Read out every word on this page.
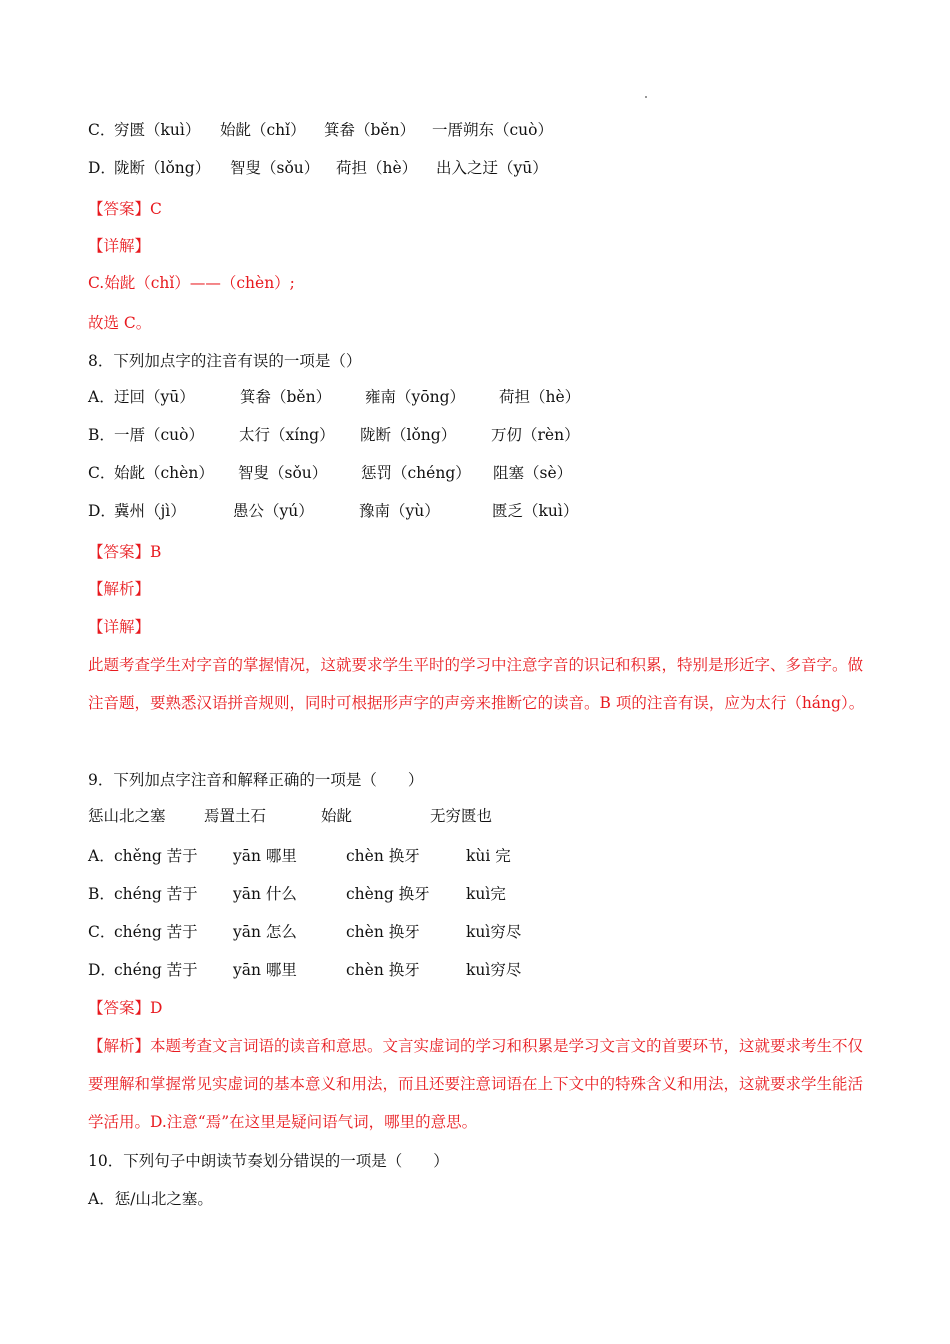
C．
穷匮（kuì） 始龀（chǐ） 箕畚（běn） 一厝朔东（cuò）
D．
陇断（lǒng） 智叟（sǒu） 荷担（hè） 出入之迂（yū）
【答案】C
【详解】
C.始龀（chǐ）——（chèn）;
故选 C。
8．下列加点字的注音有误的一项是（）
A． 迂回（yū）	箕畚（běn） 雍南（yōng） 荷担（hè）
B． 一厝（cuò） 太行（xíng） 陇断（lǒng） 万仞（rèn）
C．
始龀（chèn） 智叟（sǒu） 惩罚（chéng） 阻塞（sè）
D．
冀州（jì）	愚公（yú）	豫南（yù）	匮乏（kuì）
【答案】B
【解析】
【详解】
此题考查学生对字音的掌握情况，这就要求学生平时的学习中注意字音的识记和积累，特别是形近字、多音字。做注音题，要熟悉汉语拼音规则，同时可根据形声字的声旁来推断它的读音。B 项的注音有误，应为太行（háng）。
9．下列加点字注音和解释正确的一项是（　　）
惩山北之塞 焉置土石	始龀	无穷匮也
A． chěng 苦于 yān 哪里	chèn 换牙	kùi 完
B． chéng 苦于 yān 什么	chèng 换牙 kuì完
C．
chéng 苦于 yān 怎么	chèn 换牙	kuì穷尽
D．
chéng 苦于 yān 哪里	chèn 换牙	kuì穷尽
【答案】D
【解析】本题考查文言词语的读音和意思。文言实虚词的学习和积累是学习文言文的首要环节，这就要求考生不仅要理解和掌握常见实虚词的基本意义和用法，而且还要注意词语在上下文中的特殊含义和用法，这就要求学生能活学活用。D.注意“焉”在这里是疑问语气词，哪里的意思。
10．下列句子中朗读节奏划分错误的一项是（　　）
A．惩/山北之塞。
